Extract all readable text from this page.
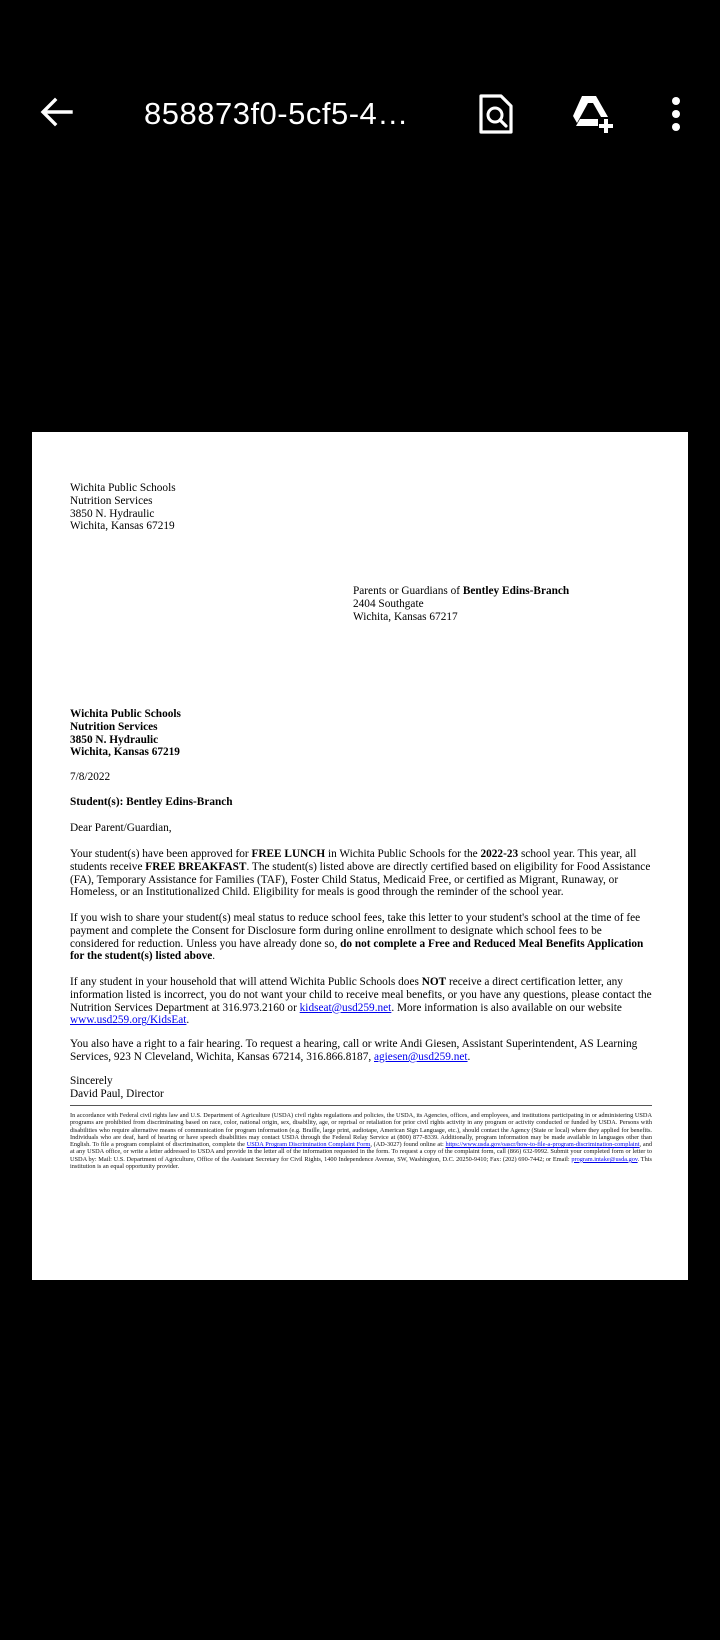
858873f0-5cf5-4…
Wichita Public Schools
Nutrition Services
3850 N. Hydraulic
Wichita, Kansas 67219
Parents or Guardians of Bentley Edins-Branch
2404 Southgate
Wichita, Kansas 67217
Wichita Public Schools
Nutrition Services
3850 N. Hydraulic
Wichita, Kansas 67219
7/8/2022
Student(s): Bentley Edins-Branch
Dear Parent/Guardian,

Your student(s) have been approved for FREE LUNCH in Wichita Public Schools for the 2022-23 school year. This year, all students receive FREE BREAKFAST. The student(s) listed above are directly certified based on eligibility for Food Assistance (FA), Temporary Assistance for Families (TAF), Foster Child Status, Medicaid Free, or certified as Migrant, Runaway, or Homeless, or an Institutionalized Child. Eligibility for meals is good through the reminder of the school year.

If you wish to share your student(s) meal status to reduce school fees, take this letter to your student's school at the time of fee payment and complete the Consent for Disclosure form during online enrollment to designate which school fees to be considered for reduction. Unless you have already done so, do not complete a Free and Reduced Meal Benefits Application for the student(s) listed above.

If any student in your household that will attend Wichita Public Schools does NOT receive a direct certification letter, any information listed is incorrect, you do not want your child to receive meal benefits, or you have any questions, please contact the Nutrition Services Department at 316.973.2160 or kidseat@usd259.net. More information is also available on our website www.usd259.org/KidsEat.

You also have a right to a fair hearing. To request a hearing, call or write Andi Giesen, Assistant Superintendent, AS Learning Services, 923 N Cleveland, Wichita, Kansas 67214, 316.866.8187, agiesen@usd259.net.

Sincerely
David Paul, Director
In accordance with Federal civil rights law and U.S. Department of Agriculture (USDA) civil rights regulations and policies, the USDA, its Agencies, offices, and employees, and institutions participating in or administering USDA programs are prohibited from discriminating based on race, color, national origin, sex, disability, age, or reprisal or retaliation for prior civil rights activity in any program or activity conducted or funded by USDA. Persons with disabilities who require alternative means of communication for program information (e.g. Braille, large print, audiotape, American Sign Language, etc.), should contact the Agency (State or local) where they applied for benefits. Individuals who are deaf, hard of hearing or have speech disabilities may contact USDA through the Federal Relay Service at (800) 877-8339. Additionally, program information may be made available in languages other than English. To file a program complaint of discrimination, complete the USDA Program Discrimination Complaint Form, (AD-3027) found online at: https://www.usda.gov/oascr/how-to-file-a-program-discrimination-complaint, and at any USDA office, or write a letter addressed to USDA and provide in the letter all of the information requested in the form. To request a copy of the complaint form, call (866) 632-9992. Submit your completed form or letter to USDA by: Mail: U.S. Department of Agriculture, Office of the Assistant Secretary for Civil Rights, 1400 Independence Avenue, SW, Washington, D.C. 20250-9410; Fax: (202) 690-7442; or Email: program.intake@usda.gov. This institution is an equal opportunity provider.
